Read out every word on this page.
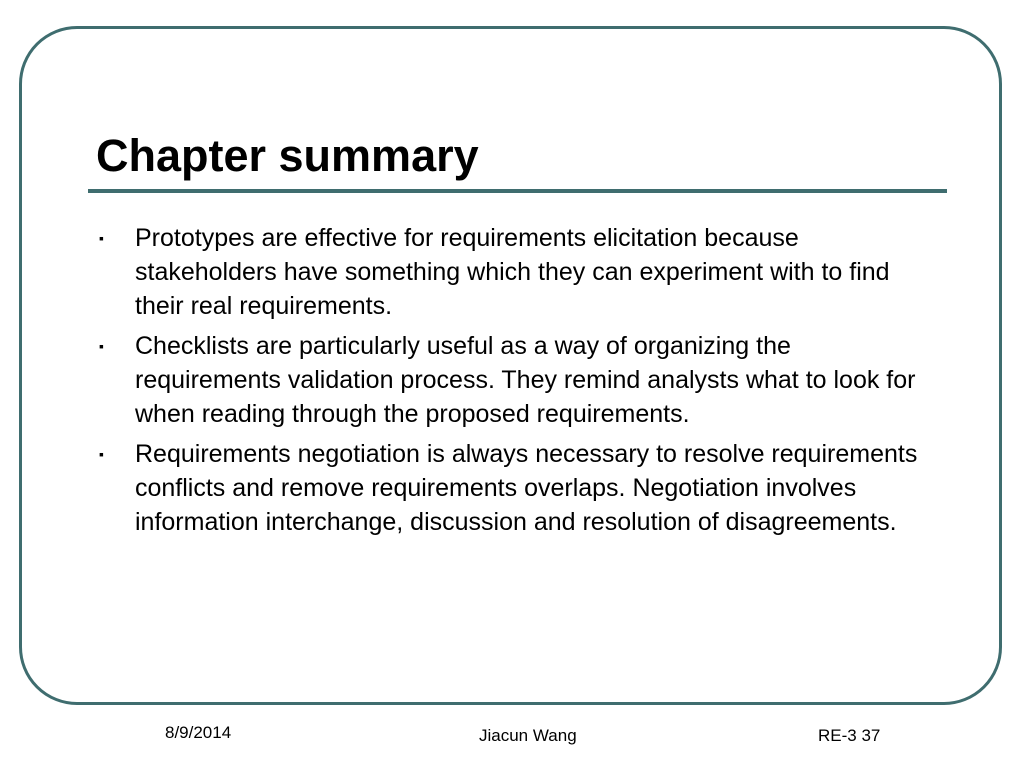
Chapter summary
▪ Prototypes are effective for requirements elicitation because stakeholders have something which they can experiment with to find their real requirements.
▪ Checklists are particularly useful as a way of organizing the requirements validation process. They remind analysts what to look for when reading through the proposed requirements.
▪ Requirements negotiation is always necessary to resolve requirements conflicts and remove requirements overlaps. Negotiation involves information interchange, discussion and resolution of disagreements.
8/9/2014	Jiacun Wang	RE-3 37
